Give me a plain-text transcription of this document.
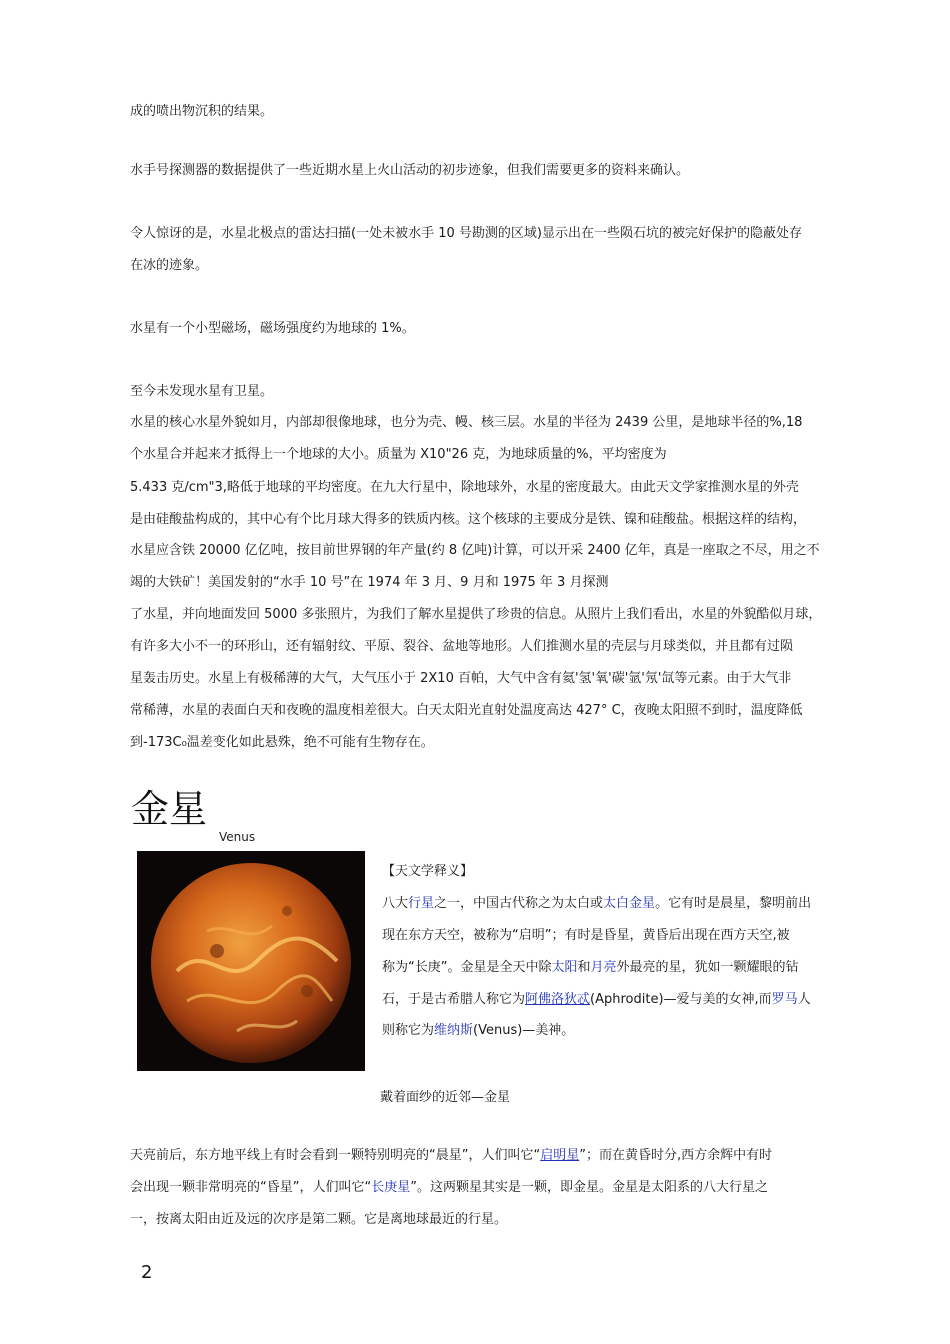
成的喷出物沉积的结果。
水手号探测器的数据提供了一些近期水星上火山活动的初步迹象，但我们需要更多的资料来确认。
令人惊讶的是，水星北极点的雷达扫描(一处未被水手 10 号勘测的区域)显示出在一些陨石坑的被完好保护的隐蔽处存
在冰的迹象。
水星有一个小型磁场，磁场强度约为地球的 1%。
至今未发现水星有卫星。
水星的核心水星外貌如月，内部却很像地球，也分为壳、幔、核三层。水星的半径为 2439 公里，是地球半径的%,18
个水星合并起来才抵得上一个地球的大小。质量为 X10"26 克，为地球质量的%，平均密度为
5.433 克/cm"3,略低于地球的平均密度。在九大行星中，除地球外，水星的密度最大。由此天文学家推测水星的外壳
是由硅酸盐构成的，其中心有个比月球大得多的铁质内核。这个核球的主要成分是铁、镍和硅酸盐。根据这样的结构，
水星应含铁 20000 亿亿吨，按目前世界钢的年产量(约 8 亿吨)计算，可以开采 2400 亿年，真是一座取之不尽，用之不
竭的大铁矿！美国发射的“水手 10 号”在 1974 年 3 月、9 月和 1975 年 3 月探测
了水星，并向地面发回 5000 多张照片，为我们了解水星提供了珍贵的信息。从照片上我们看出，水星的外貌酷似月球，
有许多大小不一的环形山，还有辐射纹、平原、裂谷、盆地等地形。人们推测水星的壳层与月球类似，并且都有过陨
星轰击历史。水星上有极稀薄的大气，大气压小于 2X10 百帕，大气中含有氦'氢'氧'碳'氩'氖'氙等元素。由于大气非
常稀薄，水星的表面白天和夜晚的温度相差很大。白天太阳光直射处温度高达 427° C，夜晚太阳照不到时，温度降低
到-173C₀温差变化如此悬殊，绝不可能有生物存在。
金星
Venus
【天文学释义】
八大行星之一，中国古代称之为太白或太白金星。它有时是晨星，黎明前出
现在东方天空，被称为“启明”；有时是昏星，黄昏后出现在西方天空,被
称为“长庚”。金星是全天中除太阳和月亮外最亮的星，犹如一颗耀眼的钻
石，于是古希腊人称它为阿佛洛狄忒(Aphrodite)—爱与美的女神,而罗马人
则称它为维纳斯(Venus)—美神。
戴着面纱的近邻—金星
天亮前后，东方地平线上有时会看到一颗特别明亮的“晨星”，人们叫它“启明星”；而在黄昏时分,西方余辉中有时
会出现一颗非常明亮的“昏星”，人们叫它“长庚星”。这两颗星其实是一颗，即金星。金星是太阳系的八大行星之
一，按离太阳由近及远的次序是第二颗。它是离地球最近的行星。
2
